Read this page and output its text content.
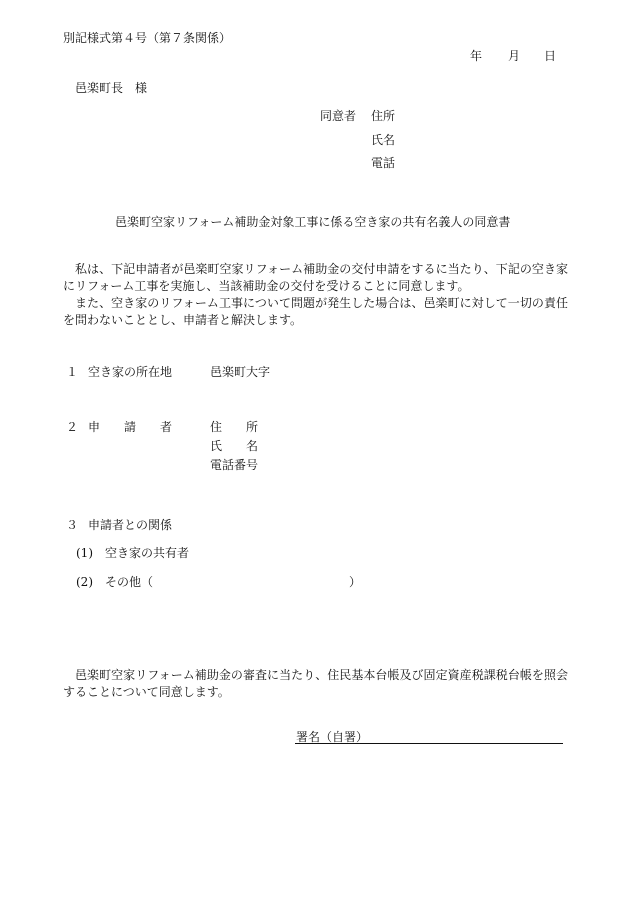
別記様式第４号（第７条関係）
年 月 日
邑楽町長　様
同意者 住所
氏名
電話
邑楽町空家リフォーム補助金対象工事に係る空き家の共有名義人の同意書

私は、下記申請者が邑楽町空家リフォーム補助金の交付申請をするに当たり、下記の空き家にリフォーム工事を実施し、当該補助金の交付を受けることに同意します。

また、空き家のリフォーム工事について問題が発生した場合は、邑楽町に対して一切の責任を問わないこととし、申請者と解決します。

１ 空き家の所在地	邑楽町大字
２ 申　　請　　者	住　　所
氏　　名
電話番号
３ 申請者との関係
(1)　空き家の共有者
(2)　その他（	）

邑楽町空家リフォーム補助金の審査に当たり、住民基本台帳及び固定資産税課税台帳を照会することについて同意します。

署名（自署）
